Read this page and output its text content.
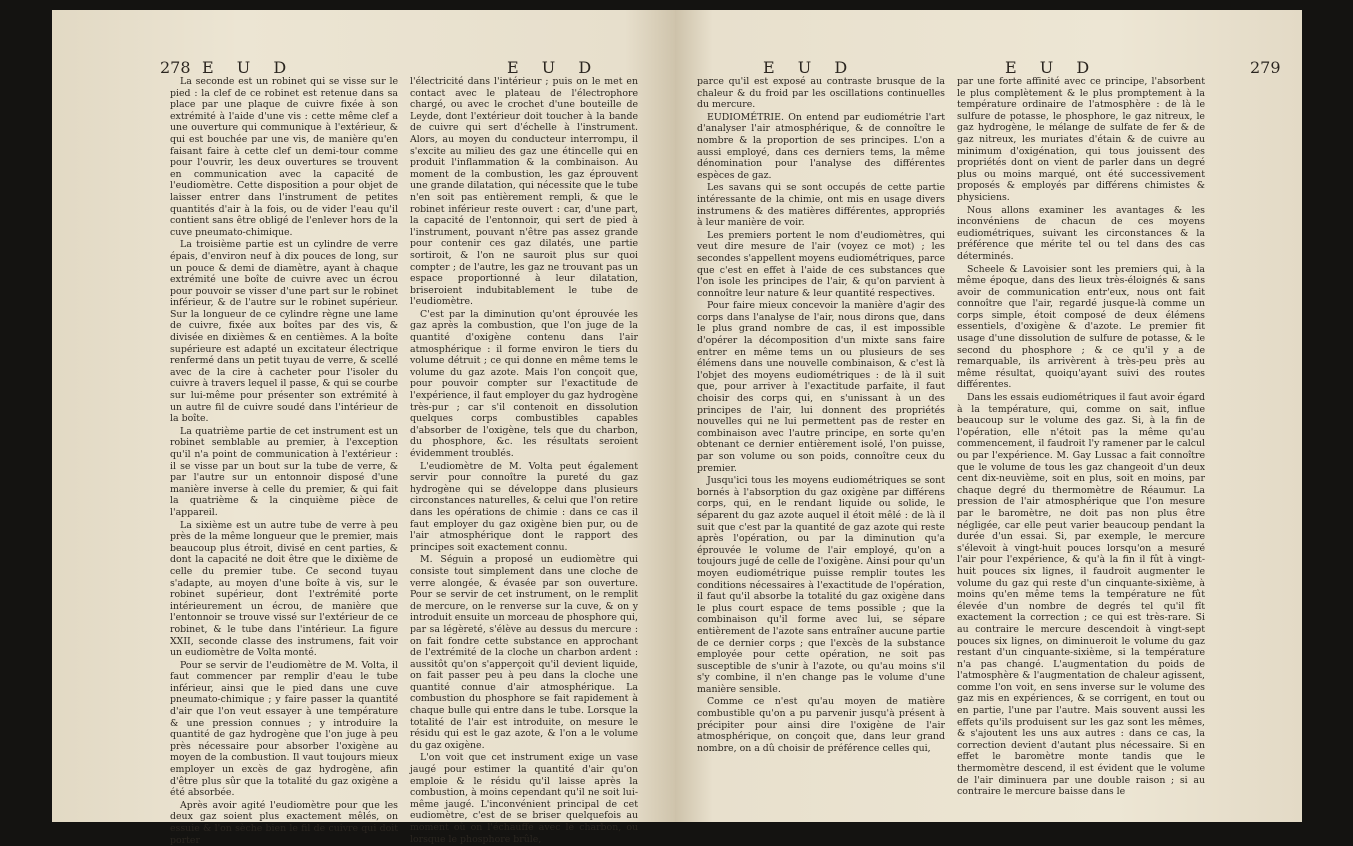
278 E U D	E U D

La seconde est un robinet qui se visse sur le pied : la clef de ce robinet est retenue dans sa place par une plaque de cuivre fixée à son extrémité à l'aide d'une vis : cette même clef a une ouverture qui communique à l'extérieur, & qui est bouchée par une vis, de manière qu'en faisant faire à cette clef un demi-tour comme pour l'ouvrir, les deux ouvertures se trouvent en communication avec la capacité de l'eudiomètre. Cette disposition a pour objet de laisser entrer dans l'instrument de petites quantités d'air à la fois, ou de vider l'eau qu'il contient sans être obligé de l'enlever hors de la cuve pneumato-chimique.

La troisième partie est un cylindre de verre épais, d'environ neuf à dix pouces de long, sur un pouce & demi de diamètre, ayant à chaque extrémité une boîte de cuivre avec un écrou pour pouvoir se visser d'une part sur le robinet inférieur, & de l'autre sur le robinet supérieur. Sur la longueur de ce cylindre règne une lame de cuivre, fixée aux boîtes par des vis, & divisée en dixièmes & en centièmes. A la boîte supérieure est adapté un excitateur électrique renfermé dans un petit tuyau de verre, & scellé avec de la cire à cacheter pour l'isoler du cuivre à travers lequel il passe, & qui se courbe sur lui-même pour présenter son extrémité à un autre fil de cuivre soudé dans l'intérieur de la boîte.

La quatrième partie de cet instrument est un robinet semblable au premier, à l'exception qu'il n'a point de communication à l'extérieur : il se visse par un bout sur la tube de verre, & par l'autre sur un entonnoir disposé d'une manière inverse à celle du premier, & qui fait la quatrième & la cinquième pièce de l'appareil.

La sixième est un autre tube de verre à peu près de la même longueur que le premier, mais beaucoup plus étroit, divisé en cent parties, & dont la capacité ne doit être que le dixième de celle du premier tube. Ce second tuyau s'adapte, au moyen d'une boîte à vis, sur le robinet supérieur, dont l'extrémité porte intérieurement un écrou, de manière que l'entonnoir se trouve vissé sur l'extérieur de ce robinet, & le tube dans l'intérieur. La figure XXII, seconde classe des instrumens, fait voir un eudiomètre de Volta monté.

Pour se servir de l'eudiomètre de M. Volta, il faut commencer par remplir d'eau le tube inférieur, ainsi que le pied dans une cuve pneumato-chimique ; y faire passer la quantité d'air que l'on veut essayer à une température & une pression connues ; y introduire la quantité de gaz hydrogène que l'on juge à peu près nécessaire pour absorber l'oxigène au moyen de la combustion. Il vaut toujours mieux employer un excès de gaz hydrogène, afin d'être plus sûr que la totalité du gaz oxigène a été absorbée.

Après avoir agité l'eudiomètre pour que les deux gaz soient plus exactement mêlés, on essuie & l'on sèche bien le fil de cuivre qui doit porter

l'électricité dans l'intérieur ; puis on le met en contact avec le plateau de l'électrophore chargé, ou avec le crochet d'une bouteille de Leyde, dont l'extérieur doit toucher à la bande de cuivre qui sert d'échelle à l'instrument. Alors, au moyen du conducteur interrompu, il s'excite au milieu des gaz une étincelle qui en produit l'inflammation & la combinaison. Au moment de la combustion, les gaz éprouvent une grande dilatation, qui nécessite que le tube n'en soit pas entièrement rempli, & que le robinet inférieur reste ouvert : car, d'une part, la capacité de l'entonnoir, qui sert de pied à l'instrument, pouvant n'être pas assez grande pour contenir ces gaz dilatés, une partie sortiroit, & l'on ne sauroit plus sur quoi compter ; de l'autre, les gaz ne trouvant pas un espace proportionné à leur dilatation, briseroient indubitablement le tube de l'eudiomètre.

C'est par la diminution qu'ont éprouvée les gaz après la combustion, que l'on juge de la quantité d'oxigène contenu dans l'air atmosphérique : il forme environ le tiers du volume détruit ; ce qui donne en même tems le volume du gaz azote. Mais l'on conçoit que, pour pouvoir compter sur l'exactitude de l'expérience, il faut employer du gaz hydrogène très-pur ; car s'il contenoit en dissolution quelques corps combustibles capables d'absorber de l'oxigène, tels que du charbon, du phosphore, &c. les résultats seroient évidemment troublés.

L'eudiomètre de M. Volta peut également servir pour connoître la pureté du gaz hydrogène qui se développe dans plusieurs circonstances naturelles, & celui que l'on retire dans les opérations de chimie : dans ce cas il faut employer du gaz oxigène bien pur, ou de l'air atmosphérique dont le rapport des principes soit exactement connu.

M. Séguin a proposé un eudiomètre qui consiste tout simplement dans une cloche de verre alongée, & évasée par son ouverture. Pour se servir de cet instrument, on le remplit de mercure, on le renverse sur la cuve, & on y introduit ensuite un morceau de phosphore qui, par sa légèreté, s'élève au dessus du mercure : on fait fondre cette substance en approchant de l'extrémité de la cloche un charbon ardent : aussitôt qu'on s'apperçoit qu'il devient liquide, on fait passer peu à peu dans la cloche une quantité connue d'air atmosphérique. La combustion du phosphore se fait rapidement à chaque bulle qui entre dans le tube. Lorsque la totalité de l'air est introduite, on mesure le résidu qui est le gaz azote, & l'on a le volume du gaz oxigène.

L'on voit que cet instrument exige un vase jaugé pour estimer la quantité d'air qu'on emploie & le résidu qu'il laisse après la combustion, à moins cependant qu'il ne soit lui-même jaugé. L'inconvénient principal de cet eudiomètre, c'est de se briser quelquefois au moment où on l'échauffe avec le charbon, ou lorsque le phosphore brûle,

E U D	E U D	279

parce qu'il est exposé au contraste brusque de la chaleur & du froid par les oscillations continuelles du mercure.

EUDIOMÉTRIE. On entend par eudiométrie l'art d'analyser l'air atmosphérique, & de connoître le nombre & la proportion de ses principes. L'on a aussi employé, dans ces derniers tems, la même dénomination pour l'analyse des différentes espèces de gaz.

Les savans qui se sont occupés de cette partie intéressante de la chimie, ont mis en usage divers instrumens & des matières différentes, appropriés à leur manière de voir.

Les premiers portent le nom d'eudiomètres, qui veut dire mesure de l'air (voyez ce mot) ; les secondes s'appellent moyens eudiométriques, parce que c'est en effet à l'aide de ces substances que l'on isole les principes de l'air, & qu'on parvient à connoître leur nature & leur quantité respectives.

Pour faire mieux concevoir la manière d'agir des corps dans l'analyse de l'air, nous dirons que, dans le plus grand nombre de cas, il est impossible d'opérer la décomposition d'un mixte sans faire entrer en même tems un ou plusieurs de ses élémens dans une nouvelle combinaison, & c'est là l'objet des moyens eudiométriques : de là il suit que, pour arriver à l'exactitude parfaite, il faut choisir des corps qui, en s'unissant à un des principes de l'air, lui donnent des propriétés nouvelles qui ne lui permettent pas de rester en combinaison avec l'autre principe, en sorte qu'en obtenant ce dernier entièrement isolé, l'on puisse, par son volume ou son poids, connoître ceux du premier.

Jusqu'ici tous les moyens eudiométriques se sont bornés à l'absorption du gaz oxigène par différens corps, qui, en le rendant liquide ou solide, le séparent du gaz azote auquel il étoit mêlé : de là il suit que c'est par la quantité de gaz azote qui reste après l'opération, ou par la diminution qu'a éprouvée le volume de l'air employé, qu'on a toujours jugé de celle de l'oxigène. Ainsi pour qu'un moyen eudiométrique puisse remplir toutes les conditions nécessaires à l'exactitude de l'opération, il faut qu'il absorbe la totalité du gaz oxigène dans le plus court espace de tems possible ; que la combinaison qu'il forme avec lui, se sépare entièrement de l'azote sans entraîner aucune partie de ce dernier corps ; que l'excès de la substance employée pour cette opération, ne soit pas susceptible de s'unir à l'azote, ou qu'au moins s'il s'y combine, il n'en change pas le volume d'une manière sensible.

Comme ce n'est qu'au moyen de matière combustible qu'on a pu parvenir jusqu'à présent à précipiter pour ainsi dire l'oxigène de l'air atmosphérique, on conçoit que, dans leur grand nombre, on a dû choisir de préférence celles qui,

par une forte affinité avec ce principe, l'absorbent le plus complètement & le plus promptement à la température ordinaire de l'atmosphère : de là le sulfure de potasse, le phosphore, le gaz nitreux, le gaz hydrogène, le mélange de sulfate de fer & de gaz nitreux, les muriates d'étain & de cuivre au minimum d'oxigénation, qui tous jouissent des propriétés dont on vient de parler dans un degré plus ou moins marqué, ont été successivement proposés & employés par différens chimistes & physiciens.

Nous allons examiner les avantages & les inconvéniens de chacun de ces moyens eudiométriques, suivant les circonstances & la préférence que mérite tel ou tel dans des cas déterminés.

Scheele & Lavoisier sont les premiers qui, à la même époque, dans des lieux très-éloignés & sans avoir de communication entr'eux, nous ont fait connoître que l'air, regardé jusque-là comme un corps simple, étoit composé de deux élémens essentiels, d'oxigène & d'azote. Le premier fit usage d'une dissolution de sulfure de potasse, & le second du phosphore ; & ce qu'il y a de remarquable, ils arrivèrent à très-peu près au même résultat, quoiqu'ayant suivi des routes différentes.

Dans les essais eudiométriques il faut avoir égard à la température, qui, comme on sait, influe beaucoup sur le volume des gaz. Si, à la fin de l'opération, elle n'étoit pas la même qu'au commencement, il faudroit l'y ramener par le calcul ou par l'expérience. M. Gay Lussac a fait connoître que le volume de tous les gaz changeoit d'un deux cent dix-neuvième, soit en plus, soit en moins, par chaque degré du thermomètre de Réaumur. La pression de l'air atmosphérique que l'on mesure par le baromètre, ne doit pas non plus être négligée, car elle peut varier beaucoup pendant la durée d'un essai. Si, par exemple, le mercure s'élevoit à vingt-huit pouces lorsqu'on a mesuré l'air pour l'expérience, & qu'à la fin il fût à vingt-huit pouces six lignes, il faudroit augmenter le volume du gaz qui reste d'un cinquante-sixième, à moins qu'en même tems la température ne fût élevée d'un nombre de degrés tel qu'il fît exactement la correction ; ce qui est très-rare. Si au contraire le mercure descendoit à vingt-sept pouces six lignes, on diminueroit le volume du gaz restant d'un cinquante-sixième, si la température n'a pas changé. L'augmentation du poids de l'atmosphère & l'augmentation de chaleur agissent, comme l'on voit, en sens inverse sur le volume des gaz mis en expériences, & se corrigent, en tout ou en partie, l'une par l'autre. Mais souvent aussi les effets qu'ils produisent sur les gaz sont les mêmes, & s'ajoutent les uns aux autres : dans ce cas, la correction devient d'autant plus nécessaire. Si en effet le baromètre monte tandis que le thermomètre descend, il est évident que le volume de l'air diminuera par une double raison ; si au contraire le mercure baisse dans le
